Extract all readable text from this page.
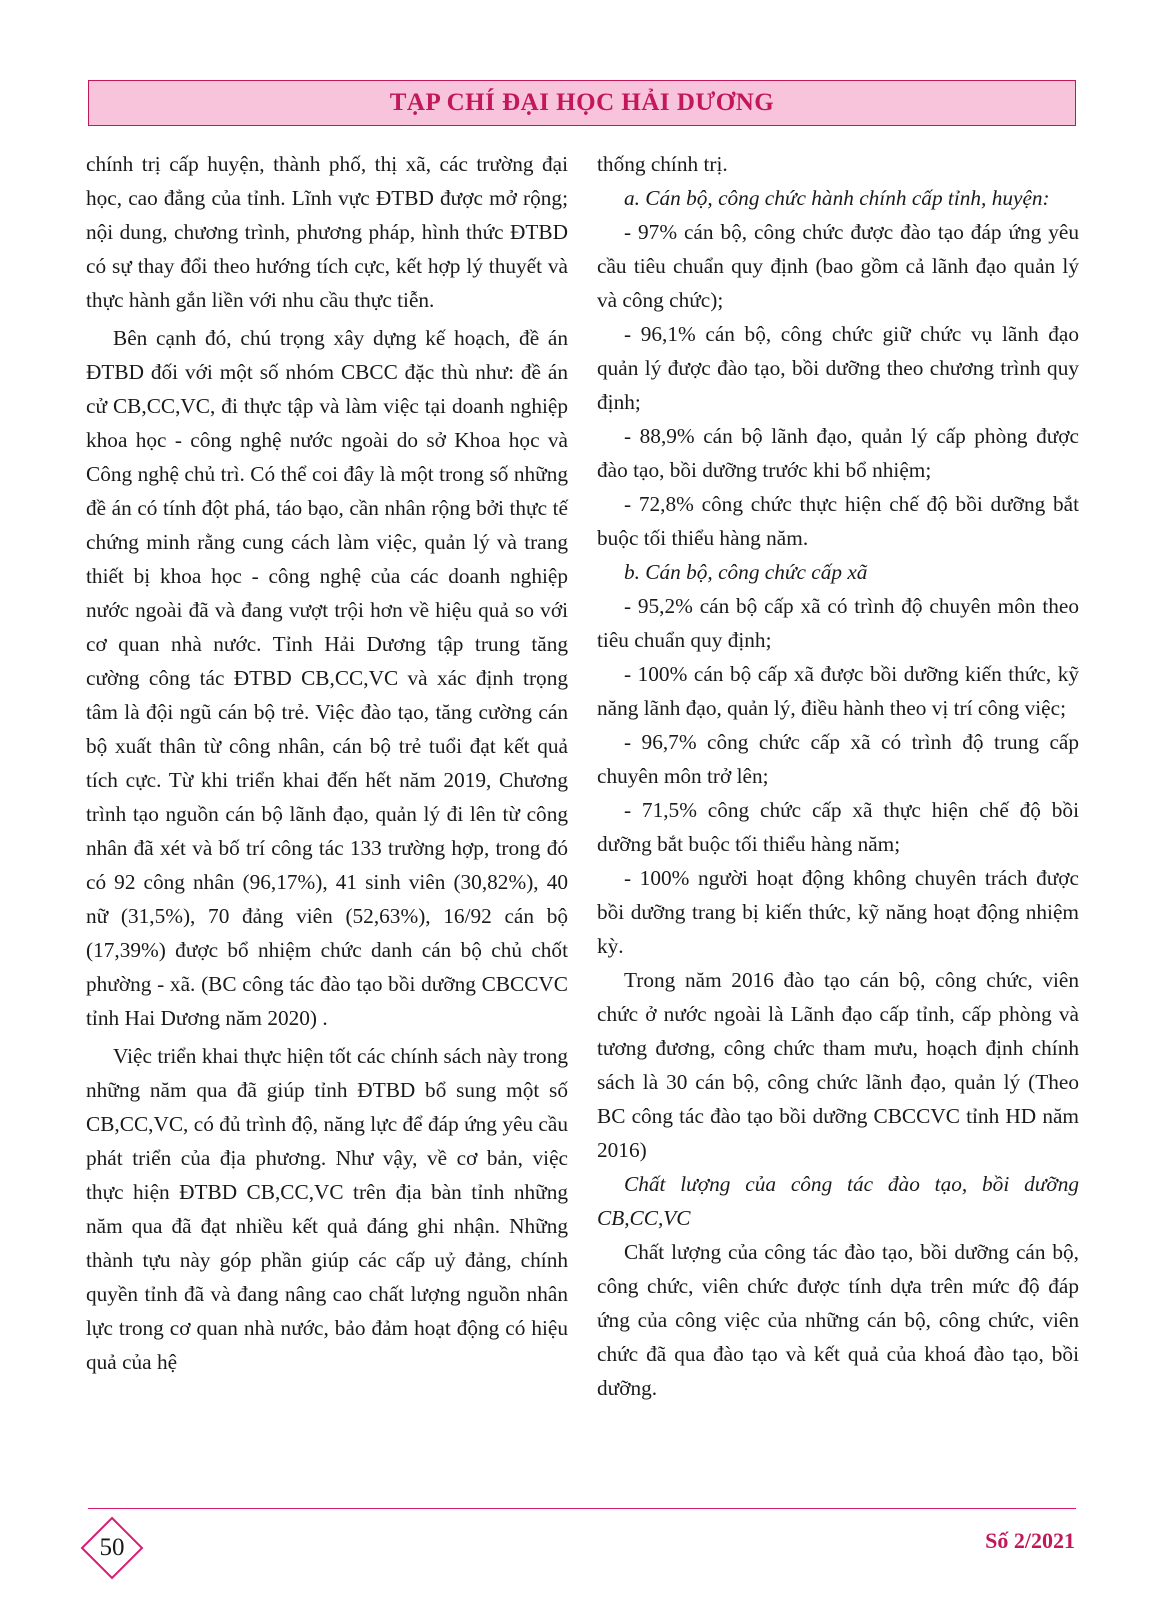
TẠP CHÍ ĐẠI HỌC HẢI DƯƠNG

chính trị cấp huyện, thành phố, thị xã, các trường đại học, cao đẳng của tỉnh. Lĩnh vực ĐTBD được mở rộng; nội dung, chương trình, phương pháp, hình thức ĐTBD có sự thay đổi theo hướng tích cực, kết hợp lý thuyết và thực hành gắn liền với nhu cầu thực tiễn.

Bên cạnh đó, chú trọng xây dựng kế hoạch, đề án ĐTBD đối với một số nhóm CBCC đặc thù như: đề án cử CB,CC,VC, đi thực tập và làm việc tại doanh nghiệp khoa học - công nghệ nước ngoài do sở Khoa học và Công nghệ chủ trì. Có thể coi đây là một trong số những đề án có tính đột phá, táo bạo, cần nhân rộng bởi thực tế chứng minh rằng cung cách làm việc, quản lý và trang thiết bị khoa học - công nghệ của các doanh nghiệp nước ngoài đã và đang vượt trội hơn về hiệu quả so với cơ quan nhà nước. Tỉnh Hải Dương tập trung tăng cường công tác ĐTBD CB,CC,VC và xác định trọng tâm là đội ngũ cán bộ trẻ. Việc đào tạo, tăng cường cán bộ xuất thân từ công nhân, cán bộ trẻ tuổi đạt kết quả tích cực. Từ khi triển khai đến hết năm 2019, Chương trình tạo nguồn cán bộ lãnh đạo, quản lý đi lên từ công nhân đã xét và bố trí công tác 133 trường hợp, trong đó có 92 công nhân (96,17%), 41 sinh viên (30,82%), 40 nữ (31,5%), 70 đảng viên (52,63%), 16/92 cán bộ (17,39%) được bổ nhiệm chức danh cán bộ chủ chốt phường - xã. (BC công tác đào tạo bồi dưỡng CBCCVC tỉnh Hai Dương năm 2020) .

Việc triển khai thực hiện tốt các chính sách này trong những năm qua đã giúp tỉnh ĐTBD bổ sung một số CB,CC,VC, có đủ trình độ, năng lực để đáp ứng yêu cầu phát triển của địa phương. Như vậy, về cơ bản, việc thực hiện ĐTBD CB,CC,VC trên địa bàn tỉnh những năm qua đã đạt nhiều kết quả đáng ghi nhận. Những thành tựu này góp phần giúp các cấp uỷ đảng, chính quyền tỉnh đã và đang nâng cao chất lượng nguồn nhân lực trong cơ quan nhà nước, bảo đảm hoạt động có hiệu quả của hệ

thống chính trị.

a. Cán bộ, công chức hành chính cấp tỉnh, huyện:

- 97% cán bộ, công chức được đào tạo đáp ứng yêu cầu tiêu chuẩn quy định (bao gồm cả lãnh đạo quản lý và công chức);

- 96,1% cán bộ, công chức giữ chức vụ lãnh đạo quản lý được đào tạo, bồi dưỡng theo chương trình quy định;

- 88,9% cán bộ lãnh đạo, quản lý cấp phòng được đào tạo, bồi dưỡng trước khi bổ nhiệm;

- 72,8% công chức thực hiện chế độ bồi dưỡng bắt buộc tối thiểu hàng năm.

b. Cán bộ, công chức cấp xã

- 95,2% cán bộ cấp xã có trình độ chuyên môn theo tiêu chuẩn quy định;

- 100% cán bộ cấp xã được bồi dưỡng kiến thức, kỹ năng lãnh đạo, quản lý, điều hành theo vị trí công việc;

- 96,7% công chức cấp xã có trình độ trung cấp chuyên môn trở lên;

- 71,5% công chức cấp xã thực hiện chế độ bồi dưỡng bắt buộc tối thiểu hàng năm;

- 100% người hoạt động không chuyên trách được bồi dưỡng trang bị kiến thức, kỹ năng hoạt động nhiệm kỳ.

Trong năm 2016 đào tạo cán bộ, công chức, viên chức ở nước ngoài là Lãnh đạo cấp tỉnh, cấp phòng và tương đương, công chức tham mưu, hoạch định chính sách là 30 cán bộ, công chức lãnh đạo, quản lý (Theo BC công tác đào tạo bồi dưỡng CBCCVC tỉnh HD năm 2016)

Chất lượng của công tác đào tạo, bồi dưỡng CB,CC,VC

Chất lượng của công tác đào tạo, bồi dưỡng cán bộ, công chức, viên chức được tính dựa trên mức độ đáp ứng của công việc của những cán bộ, công chức, viên chức đã qua đào tạo và kết quả của khoá đào tạo, bồi dưỡng.

50	Số 2/2021
